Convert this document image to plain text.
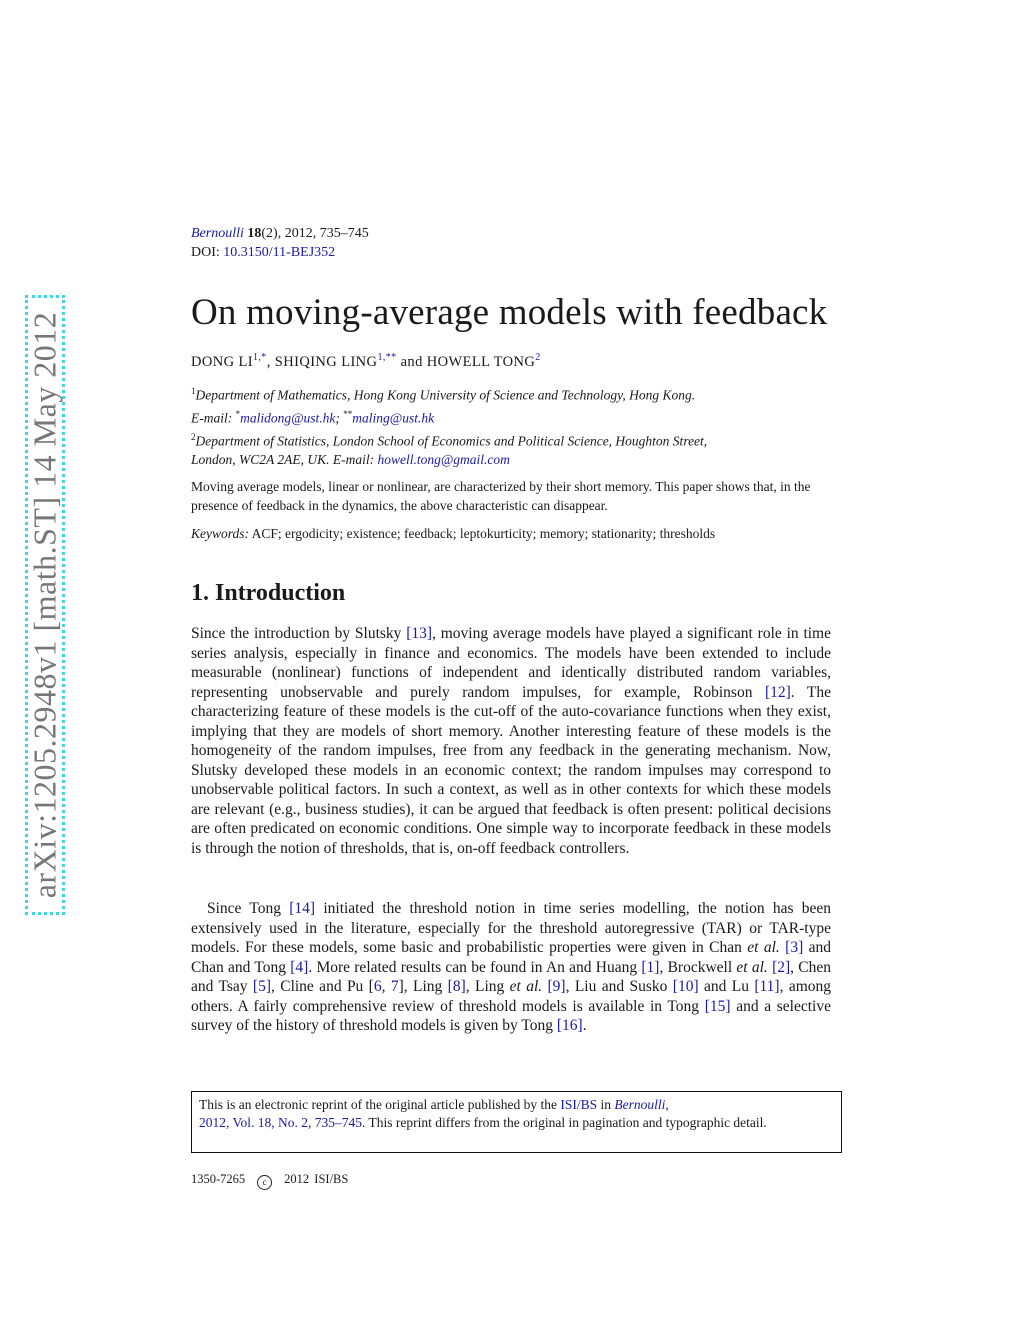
arXiv:1205.2948v1 [math.ST] 14 May 2012
Bernoulli 18(2), 2012, 735–745
DOI: 10.3150/11-BEJ352
On moving-average models with feedback
DONG $LI^{1,*}$, SHIQING $LING^{1,**}$ and HOWELL TONG$^2$
$^1$Department of Mathematics, Hong Kong University of Science and Technology, Hong Kong.
E-mail: *malidong@ust.hk; **maling@ust.hk
$^2$Department of Statistics, London School of Economics and Political Science, Houghton Street,
London, WC2A 2AE, UK. E-mail: howell.tong@gmail.com
Moving average models, linear or nonlinear, are characterized by their short memory. This paper shows that, in the presence of feedback in the dynamics, the above characteristic can disappear.
Keywords: ACF; ergodicity; existence; feedback; leptokurticity; memory; stationarity; thresholds
1. Introduction

Since the introduction by Slutsky [13], moving average models have played a significant role in time series analysis, especially in finance and economics. The models have been extended to include measurable (nonlinear) functions of independent and identically distributed random variables, representing unobservable and purely random impulses, for example, Robinson [12]. The characterizing feature of these models is the cut-off of the auto-covariance functions when they exist, implying that they are models of short memory. Another interesting feature of these models is the homogeneity of the random impulses, free from any feedback in the generating mechanism. Now, Slutsky developed these models in an economic context; the random impulses may correspond to unobservable political factors. In such a context, as well as in other contexts for which these models are relevant (e.g., business studies), it can be argued that feedback is often present: political decisions are often predicated on economic conditions. One simple way to incorporate feedback in these models is through the notion of thresholds, that is, on-off feedback controllers.

Since Tong [14] initiated the threshold notion in time series modelling, the notion has been extensively used in the literature, especially for the threshold autoregressive (TAR) or TAR-type models. For these models, some basic and probabilistic properties were given in Chan et al. [3] and Chan and Tong [4]. More related results can be found in An and Huang [1], Brockwell et al. [2], Chen and Tsay [5], Cline and Pu [6, 7], Ling [8], Ling et al. [9], Liu and Susko [10] and Lu [11], among others. A fairly comprehensive review of threshold models is available in Tong [15] and a selective survey of the history of threshold models is given by Tong [16].

This is an electronic reprint of the original article published by the ISI/BS in Bernoulli,
2012, Vol. 18, No. 2, 735–745. This reprint differs from the original in pagination and typographic detail.
1350-7265 c 2012 ISI/BS
